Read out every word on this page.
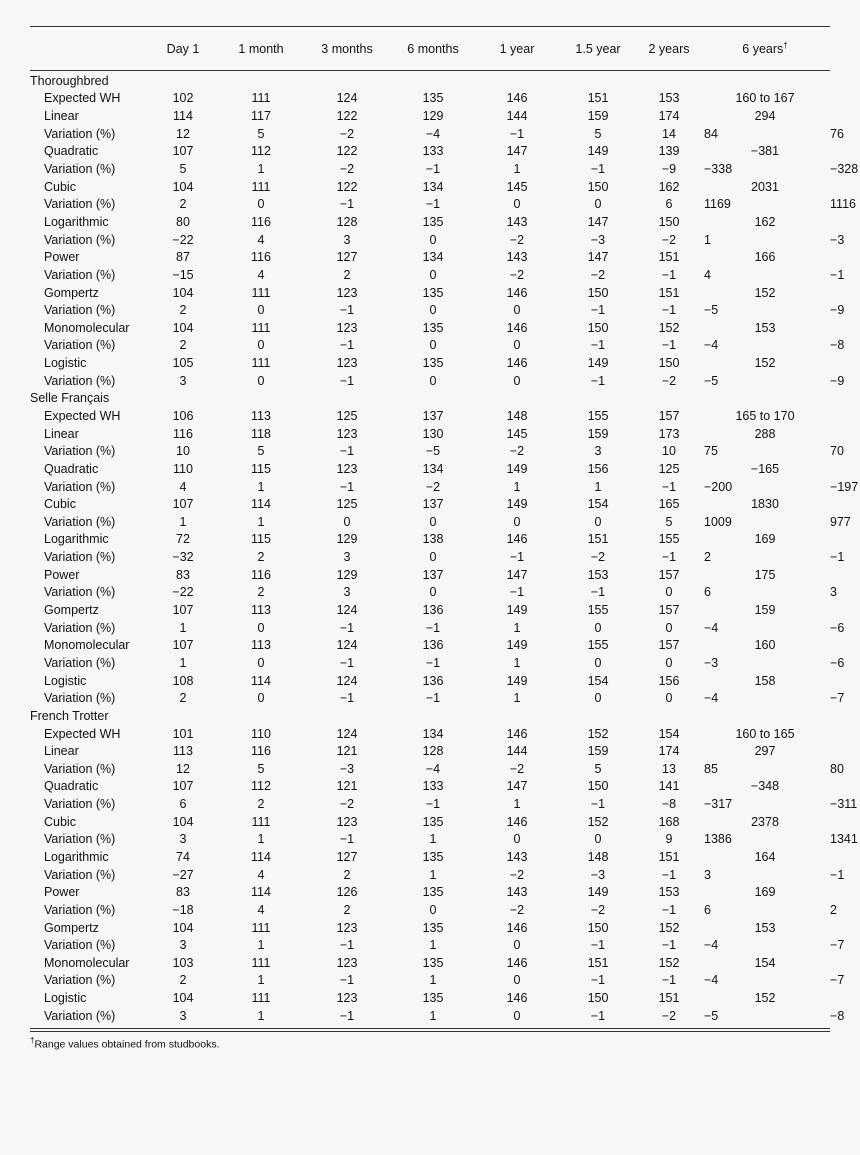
	Day 1	1 month	3 months	6 months	1 year	1.5 year	2 years	6 years†
Thoroughbred									
Expected WH	102	111	124	135	146	151	153	160 to 167	
Linear	114	117	122	129	144	159	174	294	
Variation (%)	12	5	−2	−4	−1	5	14	84	76
Quadratic	107	112	122	133	147	149	139	−381	
Variation (%)	5	1	−2	−1	1	−1	−9	−338	−328
Cubic	104	111	122	134	145	150	162	2031	
Variation (%)	2	0	−1	−1	0	0	6	1169	1116
Logarithmic	80	116	128	135	143	147	150	162	
Variation (%)	−22	4	3	0	−2	−3	−2	1	−3
Power	87	116	127	134	143	147	151	166	
Variation (%)	−15	4	2	0	−2	−2	−1	4	−1
Gompertz	104	111	123	135	146	150	151	152	
Variation (%)	2	0	−1	0	0	−1	−1	−5	−9
Monomolecular	104	111	123	135	146	150	152	153	
Variation (%)	2	0	−1	0	0	−1	−1	−4	−8
Logistic	105	111	123	135	146	149	150	152	
Variation (%)	3	0	−1	0	0	−1	−2	−5	−9
Selle Français									
Expected WH	106	113	125	137	148	155	157	165 to 170	
Linear	116	118	123	130	145	159	173	288	
Variation (%)	10	5	−1	−5	−2	3	10	75	70
Quadratic	110	115	123	134	149	156	125	−165	
Variation (%)	4	1	−1	−2	1	1	−1	−200	−197
Cubic	107	114	125	137	149	154	165	1830	
Variation (%)	1	1	0	0	0	0	5	1009	977
Logarithmic	72	115	129	138	146	151	155	169	
Variation (%)	−32	2	3	0	−1	−2	−1	2	−1
Power	83	116	129	137	147	153	157	175	
Variation (%)	−22	2	3	0	−1	−1	0	6	3
Gompertz	107	113	124	136	149	155	157	159	
Variation (%)	1	0	−1	−1	1	0	0	−4	−6
Monomolecular	107	113	124	136	149	155	157	160	
Variation (%)	1	0	−1	−1	1	0	0	−3	−6
Logistic	108	114	124	136	149	154	156	158	
Variation (%)	2	0	−1	−1	1	0	0	−4	−7
French Trotter									
Expected WH	101	110	124	134	146	152	154	160 to 165	
Linear	113	116	121	128	144	159	174	297	
Variation (%)	12	5	−3	−4	−2	5	13	85	80
Quadratic	107	112	121	133	147	150	141	−348	
Variation (%)	6	2	−2	−1	1	−1	−8	−317	−311
Cubic	104	111	123	135	146	152	168	2378	
Variation (%)	3	1	−1	1	0	0	9	1386	1341
Logarithmic	74	114	127	135	143	148	151	164	
Variation (%)	−27	4	2	1	−2	−3	−1	3	−1
Power	83	114	126	135	143	149	153	169	
Variation (%)	−18	4	2	0	−2	−2	−1	6	2
Gompertz	104	111	123	135	146	150	152	153	
Variation (%)	3	1	−1	1	0	−1	−1	−4	−7
Monomolecular	103	111	123	135	146	151	152	154	
Variation (%)	2	1	−1	1	0	−1	−1	−4	−7
Logistic	104	111	123	135	146	150	151	152	
Variation (%)	3	1	−1	1	0	−1	−2	−5	−8
†Range values obtained from studbooks.
